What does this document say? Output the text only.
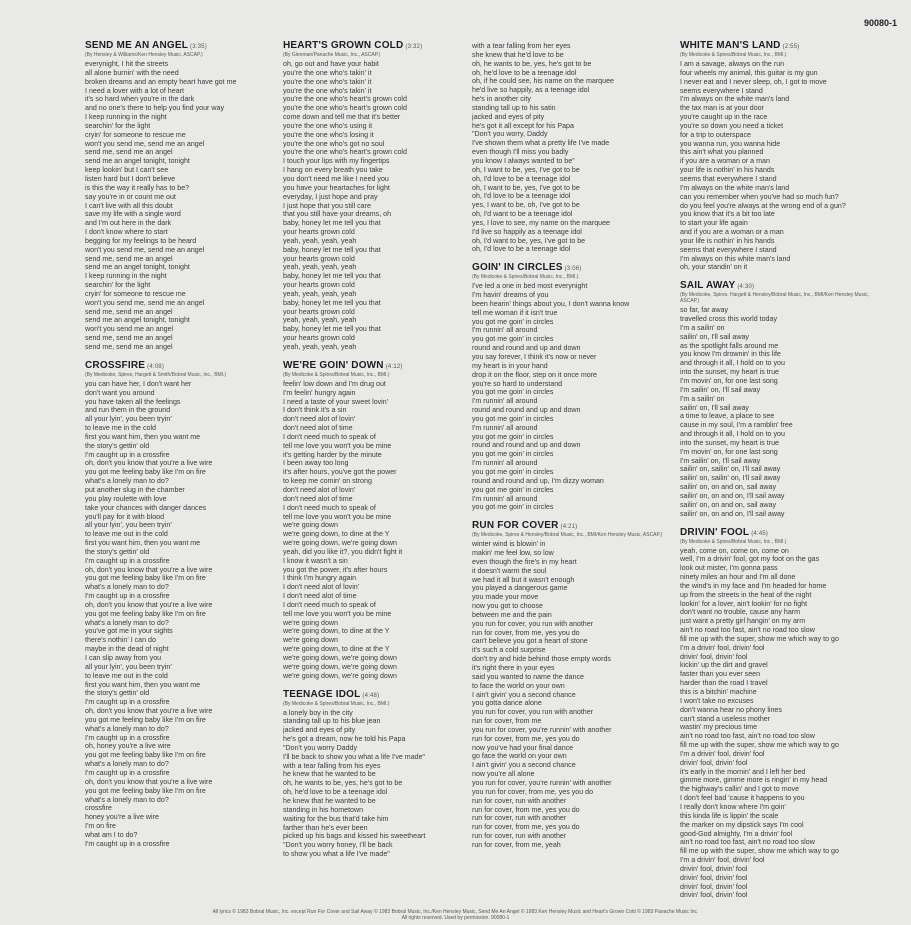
90080-1
SEND ME AN ANGEL (3:35)
(By Hensley & Williams/Ken Hensley Music, ASCAP.)
everynight, I hit the streets
all alone burnin' with the need
broken dreams and an empty heart have got me
I need a lover with a lot of heart
it's so hard when you're in the dark
and no one's there to help you find your way
I keep running in the night
searchin' for the light
cryin' for someone to rescue me
won't you send me, send me an angel
send me, send me an angel
send me an angel tonight, tonight
keep lookin' but I can't see
listen hard but I don't believe
is this the way it really has to be?
say you're in or count me out
I can't live with all this doubt
save my life with a single word
and I'm out here in the dark
I don't know where to start
begging for my feelings to be heard
won't you send me, send me an angel
send me, send me an angel
send me an angel tonight, tonight
I keep running in the night
searchin' for the light
cryin' for someone to rescue me
won't you send me, send me an angel
send me, send me an angel
send me an angel tonight, tonight
won't you send me an angel
send me, send me an angel
send me, send me an angel
CROSSFIRE (4:08)
(By Medicoke, Spires, Hargett & Smith/Bobral Music, Inc., BMI.)
you can have her, I don't want her
don't want you around
you have taken all the feelings
and run them in the ground
all your lyin', you been tryin'
to leave me in the cold
first you want him, then you want me
the story's gettin' old
I'm caught up in a crossfire
oh, don't you know that you're a live wire
you got me feeling baby like I'm on fire
what's a lonely man to do?
put another slug in the chamber
you play roulette with love
take your chances with danger dances
you'll pay for it with blood
all your lyin', you been tryin'
to leave me out in the cold
first you want him, then you want me
the story's gettin' old
I'm caught up in a crossfire
oh, don't you know that you're a live wire
you got me feeling baby like I'm on fire
what's a lonely man to do?
I'm caught up in a crossfire
oh, don't you know that you're a live wire
you got me feeling baby like I'm on fire
what's a lonely man to do?
you've got me in your sights
there's nothin' I can do
maybe in the dead of night
I can slip away from you
all your lyin', you been tryin'
to leave me out in the cold
first you want him, then you want me
the story's gettin' old
I'm caught up in a crossfire
oh, don't you know that you're a live wire
you got me feeling baby like I'm on fire
what's a lonely man to do?
I'm caught up in a crossfire
oh, honey you're a live wire
you got me feeling baby like I'm on fire
what's a lonely man to do?
I'm caught up in a crossfire
oh, don't you know that you're a live wire
you got me feeling baby like I'm on fire
what's a lonely man to do?
crossfire
honey you're a live wire
I'm on fire
what am I to do?
I'm caught up in a crossfire
HEART'S GROWN COLD (3:32)
(By Glenman/Panache Music, Inc., ASCAP.)
oh, go out and have your habit
you're the one who's takin' it
you're the one who's takin' it
you're the one who's takin' it
you're the one who's heart's grown cold
you're the one who's heart's grown cold
come down and tell me that it's better
you're the one who's using it
you're the one who's losing it
you're the one who's got no soul
you're the one who's heart's grown cold
I touch your lips with my fingertips
I hang on every breath you take
you don't need me like I need you
you have your heartaches for light
everyday, I just hope and pray
I just hope that you still care
that you still have your dreams, oh
baby, honey let me tell you that
your hearts grown cold
yeah, yeah, yeah, yeah
baby, honey let me tell you that
your hearts grown cold
yeah, yeah, yeah, yeah
baby, honey let me tell you that
your hearts grown cold
yeah, yeah, yeah, yeah
baby, honey let me tell you that
your hearts grown cold
yeah, yeah, yeah, yeah
baby, honey let me tell you that
your hearts grown cold
yeah, yeah, yeah, yeah
WE'RE GOIN' DOWN (4:12)
(By Medicoke & Spires/Bobral Music, Inc., BMI.)
feelin' low down and I'm drug out
I'm feelin' hungry again
I need a taste of your sweet lovin'
I don't think it's a sin
don't need alot of lovin'
don't need alot of time
I don't need much to speak of
tell me love you won't you be mine
it's getting harder by the minute
I been away too long
it's after hours, you've got the power
to keep me comin' on strong
don't need alot of lovin'
don't need alot of time
I don't need much to speak of
tell me love you won't you be mine
we're going down
we're going down, to dine at the Y
we're going down, we're going down
yeah, did you like it?, you didn't fight it
I know it wasn't a sin
you got the power, it's after hours
I think I'm hungry again
I don't need alot of lovin'
I don't need alot of time
I don't need much to speak of
tell me love you won't you be mine
we're going down
we're going down, to dine at the Y
we're going down
we're going down, to dine at the Y
we're going down, we're going down
we're going down, we're going down
we're going down, we're going down
TEENAGE IDOL (4:48)
(By Medicoke & Spires/Bobral Music, Inc., BMI.)
a lonely boy in the city
standing tall up to his blue jean
jacked and eyes of pity
he's got a dream, now he told his Papa
"Don't you worry Daddy
I'll be back to show you what a life I've made"
with a tear falling from his eyes
he knew that he wanted to be
oh, he wants to be, yes, he's got to be
oh, he'd love to be a teenage idol
he knew that he wanted to be
standing in his hometown
waiting for the bus that'd take him
farther than he's ever been
picked up his bags and kissed his sweetheart
"Don't you worry honey, I'll be back
to show you what a life I've made"
with a tear falling from her eyes
she knew that he'd love to be
oh, he wants to be, yes, he's got to be
oh, he'd love to be a teenage idol
oh, if he could see, his name on the marquee
he'd live so happily, as a teenage idol
he's in another city
standing tall up to his satin
jacked and eyes of pity
he's got it all except for his Papa
"Don't you worry, Daddy
I've shown them what a pretty life I've made
even though I'll miss you badly
you know I always wanted to be"
oh, I want to be, yes, I've got to be
oh, I'd love to be a teenage idol
oh, I want to be, yes, I've got to be
oh, I'd love to be a teenage idol
yes, I want to be, oh, I've got to be
oh, I'd want to be a teenage idol
yes, I love to see, my name on the marquee
I'd live so happily as a teenage idol
oh, I'd want to be, yes, I've got to be
oh, I'd love to be a teenage idol
GOIN' IN CIRCLES (3:06)
(By Medicoke & Spires/Bobral Music, Inc., BMI.)
I've led a one in bed most everynight
I'm havin' dreams of you
been hearin' things about you, I don't wanna know
tell me woman if it isn't true
you got me goin' in circles
I'm runnin' all around
you got me goin' in circles
round and round and up and down
you say forever, I think it's now or never
my heart is in your hand
drop it on the floor, step on it once more
you're so hard to understand
you got me goin' in circles
I'm runnin' all around
round and round and up and down
you got me goin' in circles
I'm runnin' all around
you got me goin' in circles
round and round and up and down
you got me goin' in circles
I'm runnin' all around
you got me goin' in circles
round and round and up, I'm dizzy woman
you got me goin' in circles
I'm runnin' all around
you got me goin' in circles
RUN FOR COVER (4:21)
(By Medicoke, Spires & Hensley/Bobral Music, Inc., BMI/Ken Hensley Music, ASCAP.)
winter wind is blowin' in
makin' me feel low, so low
even though the fire's in my heart
it doesn't warm the soul
we had it all but it wasn't enough
you played a dangerous game
you made your move
now you got to choose
between me and the pain
you run for cover, you run with another
run for cover, from me, yes you do
can't believe you got a heart of stone
it's such a cold surprise
don't try and hide behind those empty words
it's right there in your eyes
said you wanted to name the dance
to face the world on your own
I ain't givin' you a second chance
you gotta dance alone
you run for cover, you run with another
run for cover, from me
you run for cover, you're runnin' with another
run for cover, from me, yes you do
now you've had your final dance
go face the world on your own
I ain't givin' you a second chance
now you're all alone
you run for cover, you're runnin' with another
you run for cover, from me, yes you do
run for cover, run with another
run for cover, from me, yes you do
run for cover, run with another
run for cover, from me, yes you do
run for cover, run with another
run for cover, from me, yeah
WHITE MAN'S LAND (2:55)
(By Medicoke & Spires/Bobral Music, Inc., BMI.)
I am a savage, always on the run
four wheels my animal, this guitar is my gun
I never eat and I never sleep, oh, I got to move
seems everywhere I stand
I'm always on the white man's land
the tax man is at your door
you're caught up in the race
you're so down you need a ticket
for a trip to outerspace
you wanna run, you wanna hide
this ain't what you planned
if you are a woman or a man
your life is nothin' in his hands
seems that everywhere I stand
I'm always on the white man's land
can you remember when you've had so much fun?
do you feel you're always at the wrong end of a gun?
you know that it's a bit too late
to start your life again
and if you are a woman or a man
your life is nothin' in his hands
seems that everywhere I stand
I'm always on this white man's land
oh, your standin' on it
SAIL AWAY (4:30)
(By Medicoke, Spires, Hargett & Hensley/Bobral Music, Inc., BMI/Ken Hensley Music, ASCAP.)
so far, far away
travelled cross this world today
I'm a sailin' on
sailin' on, I'll sail away
as the spotlight falls around me
you know I'm drownin' in this life
and through it all, I hold on to you
into the sunset, my heart is true
I'm movin' on, for one last song
I'm sailin' on, I'll sail away
I'm a sailin' on
sailin' on, I'll sail away
a time to leave, a place to see
cause in my soul, I'm a ramblin' free
and through it all, I hold on to you
into the sunset, my heart is true
I'm movin' on, for one last song
I'm sailin' on, I'll sail away
sailin' on, sailin' on, I'll sail away
sailin' on, sailin' on, I'll sail away
sailin' on, on and on, sail away
sailin' on, on and on, I'll sail away
sailin' on, on and on, sail away
sailin' on, on and on, I'll sail away
DRIVIN' FOOL (4:45)
(By Medicoke & Spires/Bobral Music, Inc., BMI.)
yeah, come on, come on, come on
well, I'm a drivin' fool, got my foot on the gas
look out mister, I'm gonna pass
ninety miles an hour and I'm all done
the wind's in my face and I'm headed for home
up from the streets in the heat of the night
lookin' for a lover, ain't lookin' for no fight
don't want no trouble, cause any harm
just want a pretty girl hangin' on my arm
ain't no road too fast, ain't no road too slow
fill me up with the super, show me which way to go
I'm a drivin' fool, drivin' fool
drivin' fool, drivin' fool
kickin' up the dirt and gravel
faster than you ever seen
harder than the road I travel
this is a bitchin' machine
I won't take no excuses
don't wanna hear no phony lines
can't stand a useless mother
wastin' my precious time
ain't no road too fast, ain't no road too slow
fill me up with the super, show me which way to go
I'm a drivin' fool, drivin' fool
drivin' fool, drivin' fool
it's early in the mornin' and I left her bed
gimme more, gimme more is ringin' in my head
the highway's callin' and I got to move
I don't feel bad 'cause it happens to you
I really don't know where I'm goin'
this kinda life is lippin' the scale
the marker on my dipstick says I'm cool
good-God almighty, I'm a drivin' fool
ain't no road too fast, ain't no road too slow
fill me up with the super, show me which way to go
I'm a drivin' fool, drivin' fool
drivin' fool, drivin' fool
drivin' fool, drivin' fool
drivin' fool, drivin' fool
drivin' fool, drivin' fool
All lyrics © 1983 Bobral Music, Inc. except Run For Cover and Sail Away © 1983 Bobral Music, Inc./Ken Hensley Music, Send Me An Angel © 1983 Ken Hensley Music and Heart's Grown Cold © 1983 Panache Music Inc.
All rights reserved. Used by permission. 90080-1
